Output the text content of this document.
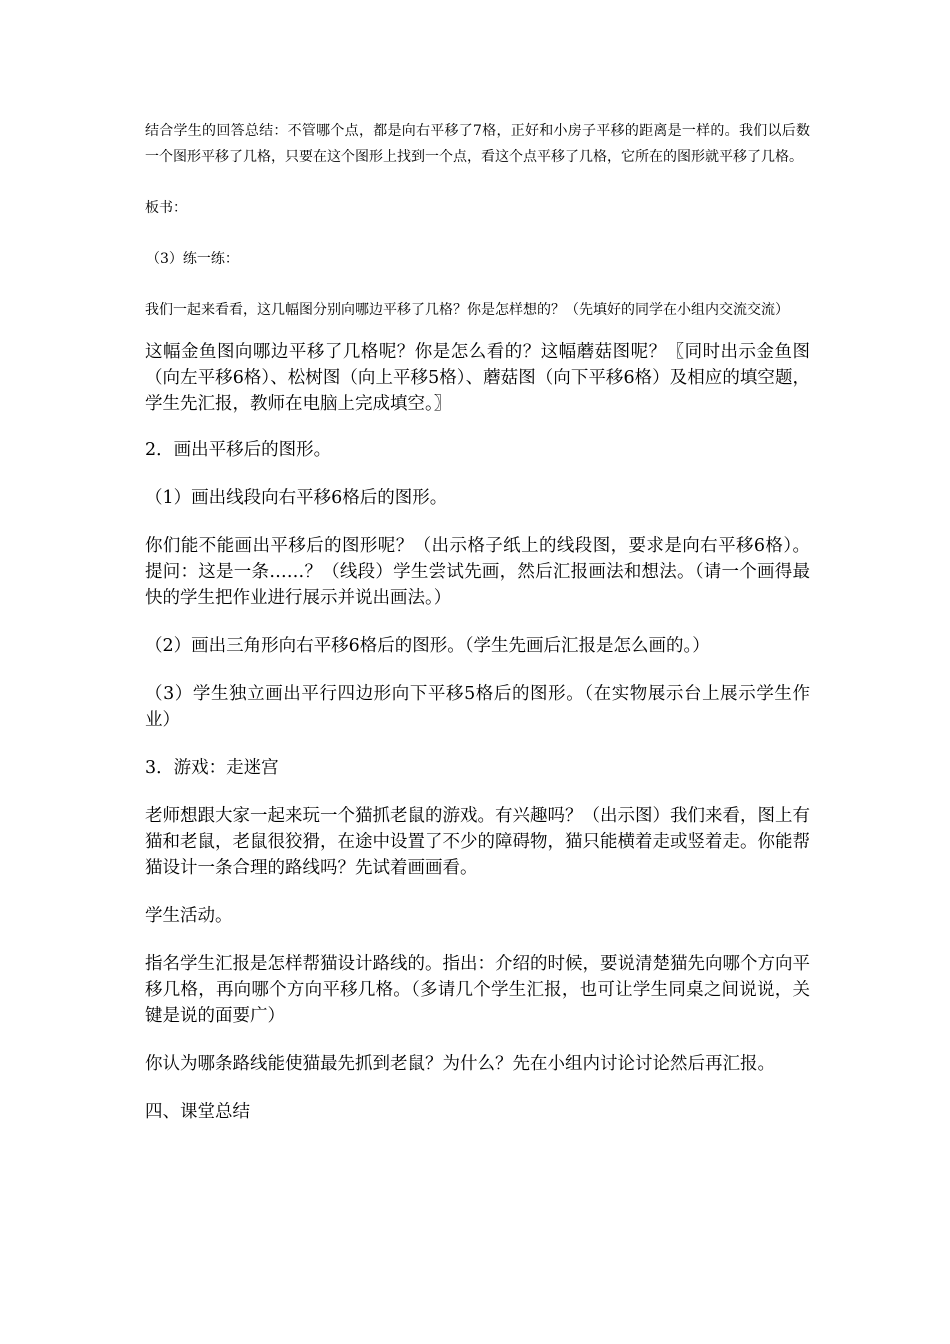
结合学生的回答总结：不管哪个点，都是向右平移了7格，正好和小房子平移的距离是一样的。我们以后数一个图形平移了几格，只要在这个图形上找到一个点，看这个点平移了几格，它所在的图形就平移了几格。

板书：

（3）练一练：

我们一起来看看，这几幅图分别向哪边平移了几格？你是怎样想的？（先填好的同学在小组内交流交流）

这幅金鱼图向哪边平移了几格呢？你是怎么看的？这幅蘑菇图呢？〖同时出示金鱼图（向左平移6格）、松树图（向上平移5格）、蘑菇图（向下平移6格）及相应的填空题，学生先汇报，教师在电脑上完成填空。〗

2．画出平移后的图形。

（1）画出线段向右平移6格后的图形。

你们能不能画出平移后的图形呢？（出示格子纸上的线段图，要求是向右平移6格）。提问：这是一条……？（线段）学生尝试先画，然后汇报画法和想法。（请一个画得最快的学生把作业进行展示并说出画法。）

（2）画出三角形向右平移6格后的图形。（学生先画后汇报是怎么画的。）

（3）学生独立画出平行四边形向下平移5格后的图形。（在实物展示台上展示学生作业）

3．游戏：走迷宫

老师想跟大家一起来玩一个猫抓老鼠的游戏。有兴趣吗？（出示图）我们来看，图上有猫和老鼠，老鼠很狡猾，在途中设置了不少的障碍物，猫只能横着走或竖着走。你能帮猫设计一条合理的路线吗？先试着画画看。

学生活动。

指名学生汇报是怎样帮猫设计路线的。指出：介绍的时候，要说清楚猫先向哪个方向平移几格，再向哪个方向平移几格。（多请几个学生汇报，也可让学生同桌之间说说，关键是说的面要广）

你认为哪条路线能使猫最先抓到老鼠？为什么？先在小组内讨论讨论然后再汇报。

四、课堂总结
